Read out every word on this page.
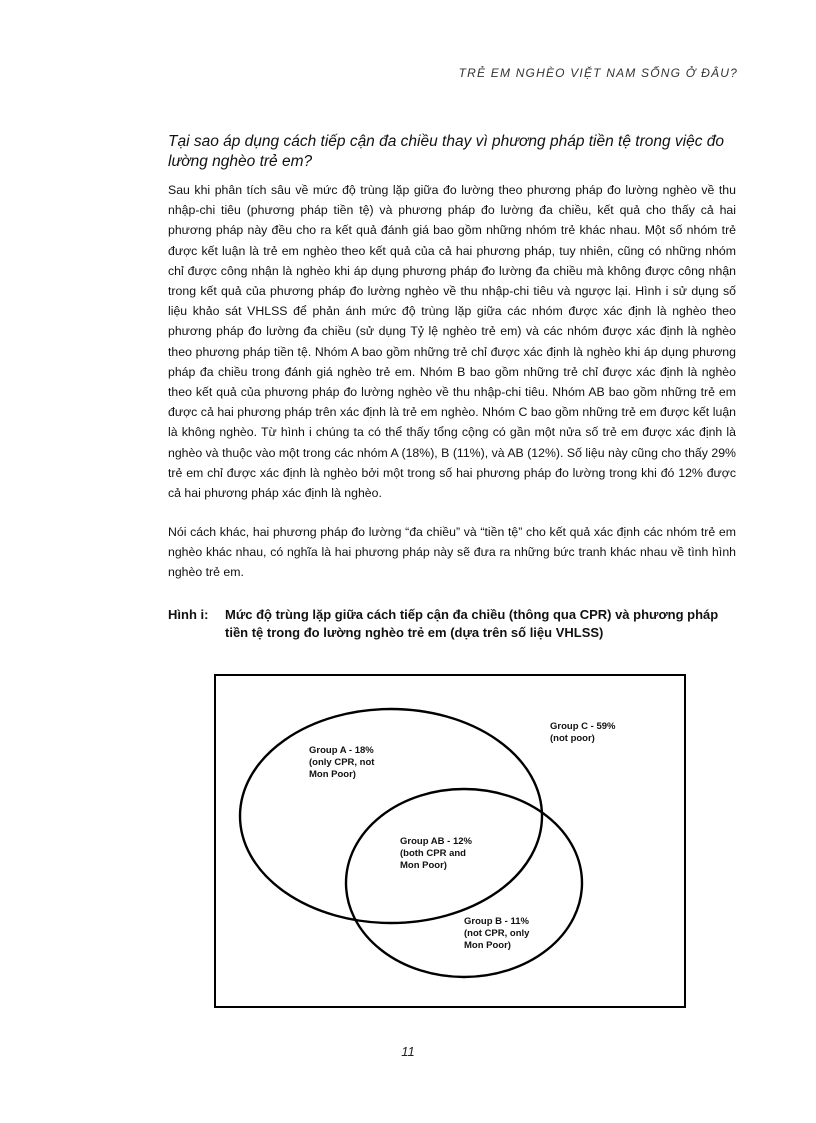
TRẺ EM NGHÈO VIỆT NAM SỐNG Ở ĐÂU?
Tại sao áp dụng cách tiếp cận đa chiều thay vì phương pháp tiền tệ trong việc đo lường nghèo trẻ em?

Sau khi phân tích sâu về mức độ trùng lặp giữa đo lường theo phương pháp đo lường nghèo về thu nhập-chi tiêu (phương pháp tiền tệ) và phương pháp đo lường đa chiều, kết quả cho thấy cả hai phương pháp này đều cho ra kết quả đánh giá bao gồm những nhóm trẻ khác nhau. Một số nhóm trẻ được kết luận là trẻ em nghèo theo kết quả của cả hai phương pháp, tuy nhiên, cũng có những nhóm chỉ được công nhận là nghèo khi áp dụng phương pháp đo lường đa chiều mà không được công nhận trong kết quả của phương pháp đo lường nghèo về thu nhập-chi tiêu và ngược lại. Hình i sử dụng số liệu khảo sát VHLSS để phản ánh mức độ trùng lặp giữa các nhóm được xác định là nghèo theo phương pháp đo lường đa chiều (sử dụng Tỷ lệ nghèo trẻ em) và các nhóm được xác định là nghèo theo phương pháp tiền tệ. Nhóm A bao gồm những trẻ chỉ được xác định là nghèo khi áp dụng phương pháp đa chiều trong đánh giá nghèo trẻ em. Nhóm B bao gồm những trẻ chỉ được xác định là nghèo theo kết quả của phương pháp đo lường nghèo về thu nhập-chi tiêu. Nhóm AB bao gồm những trẻ em được cả hai phương pháp trên xác định là trẻ em nghèo. Nhóm C bao gồm những trẻ em được kết luận là không nghèo. Từ hình i chúng ta có thể thấy tổng cộng có gần một nửa số trẻ em được xác định là nghèo và thuộc vào một trong các nhóm A (18%), B (11%), và AB (12%). Số liệu này cũng cho thấy 29% trẻ em chỉ được xác định là nghèo bởi một trong số hai phương pháp đo lường trong khi đó 12% được cả hai phương pháp xác định là nghèo.

Nói cách khác, hai phương pháp đo lường “đa chiều” và “tiền tệ” cho kết quả xác định các nhóm trẻ em nghèo khác nhau, có nghĩa là hai phương pháp này sẽ đưa ra những bức tranh khác nhau về tình hình nghèo trẻ em.

Hình i:	Mức độ trùng lặp giữa cách tiếp cận đa chiều (thông qua CPR) và phương pháp tiền tệ trong đo lường nghèo trẻ em (dựa trên số liệu VHLSS)
Group C - 59%
(not poor)
Group A - 18%
(only CPR, not
Mon Poor)
Group AB - 12%
(both CPR and
Mon Poor)
Group B - 11%
(not CPR, only
Mon Poor)
11
